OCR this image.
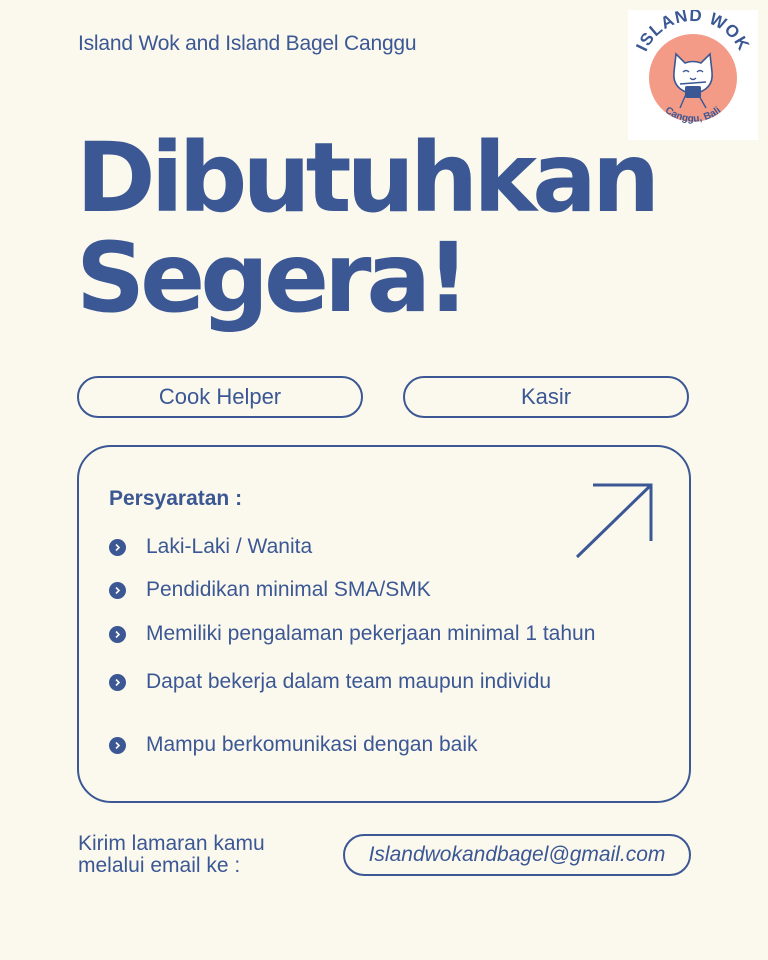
Island Wok and Island Bagel Canggu	ISLAND WOK
Canggu, Bali
Dibutuhkan
Segera!
Cook Helper	Kasir
Persyaratan :
Laki-Laki / Wanita
Pendidikan minimal SMA/SMK
Memiliki pengalaman pekerjaan minimal 1 tahun
Dapat bekerja dalam team maupun individu
Mampu berkomunikasi dengan baik
Kirim lamaran kamu
melalui email ke :	Islandwokandbagel@gmail.com
